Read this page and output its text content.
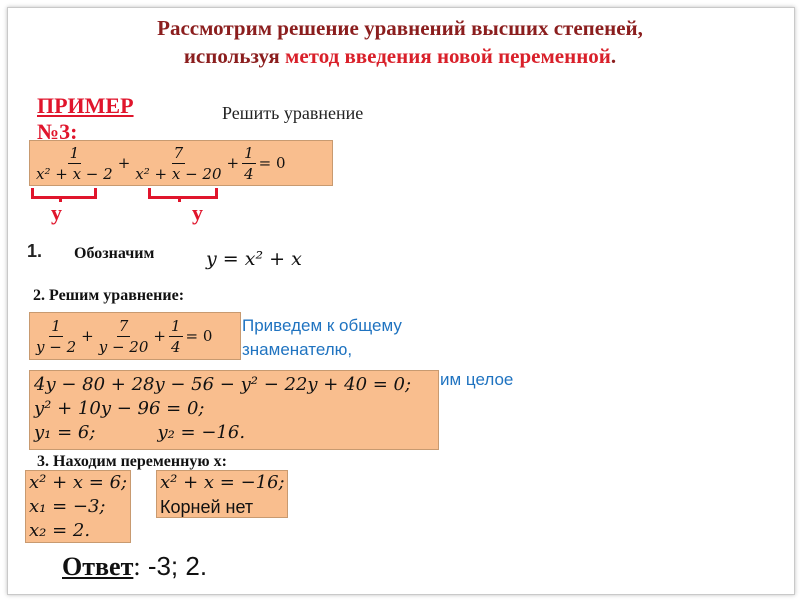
Рассмотрим решение уравнений высших степеней,
используя метод введения новой переменной.
ПРИМЕР
№3:
Решить уравнение
$\frac{1}{\text{x² + x − 2}} + \frac{7}{\text{x² + x − 20}} + \frac{1}{4} = 0$
у	у
1. Обозначим	y = x² + x
2. Решим уравнение:
$\frac{1}{y - 2} + \frac{7}{y - 20} + \frac{1}{4} = 0$
Приведем к общему
знаменателю,
им целое
4y − 80 + 28y − 56 − y² − 22y + 40 = 0;
y² + 10y − 96 = 0;
y₁ = 6;	y₂ = −16.
3. Находим переменную х:
x² + x = 6;
x₁ = −3;
x₂ = 2.
x² + x = −16;
Корней нет
Ответ: -3; 2.
